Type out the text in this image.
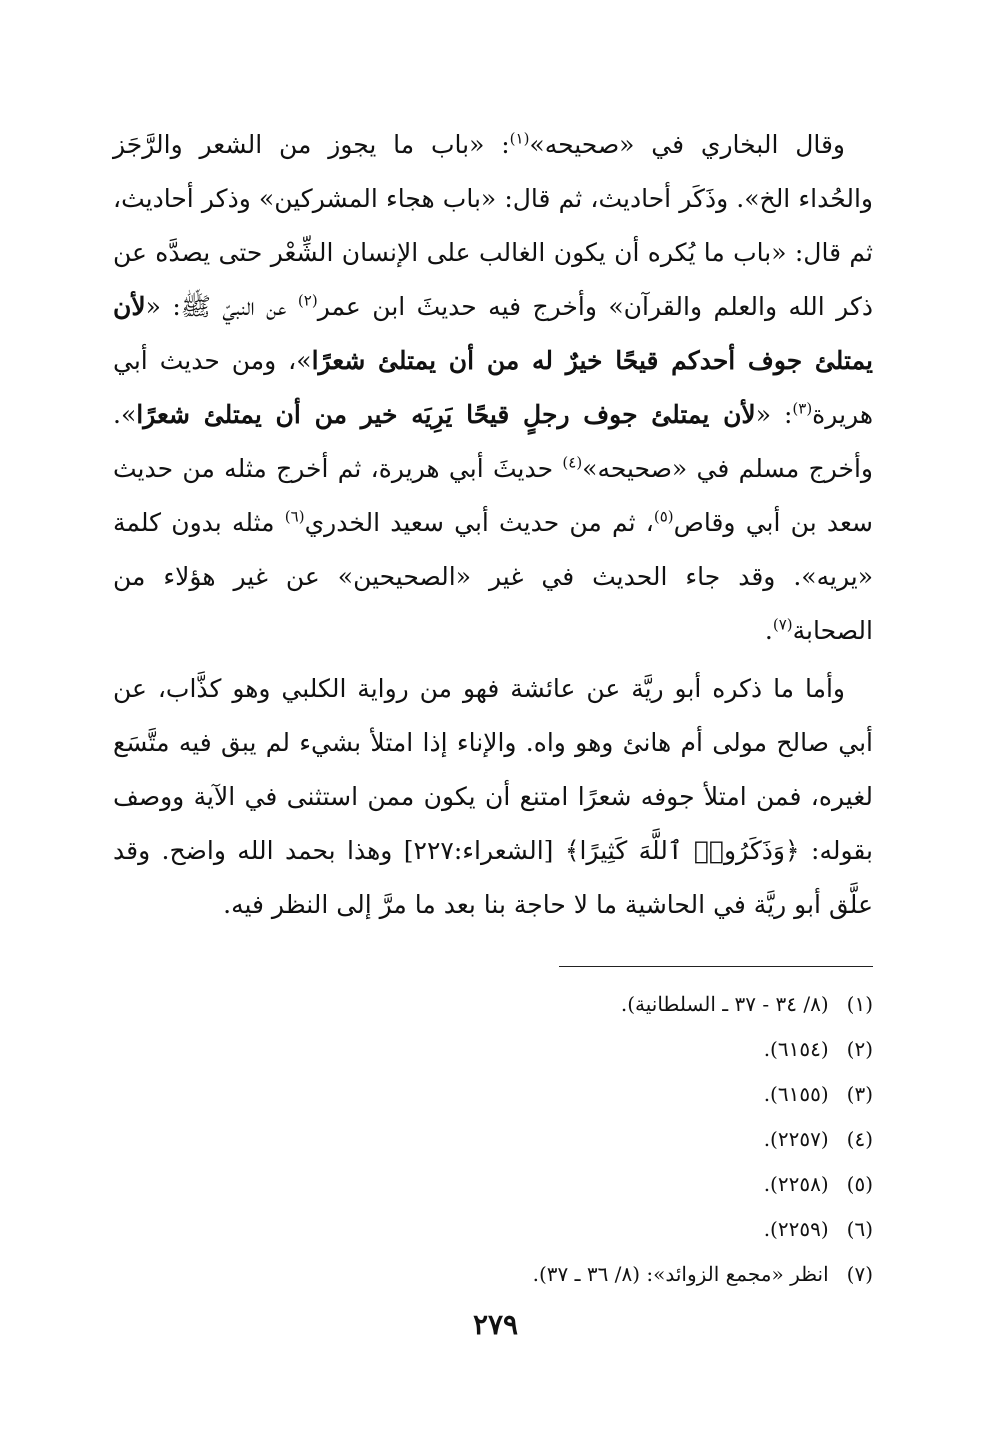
وقال البخاري في «صحيحه»$^{(١)}$: «باب ما يجوز من الشعر والرَّجَز والحُداء الخ». وذَكَر أحاديث، ثم قال: «باب هجاء المشركين» وذكر أحاديث، ثم قال: «باب ما يُكره أن يكون الغالب على الإنسان الشِّعْر حتى يصدَّه عن ذكر الله والعلم والقرآن» وأخرج فيه حديثَ ابن عمر$^{(٢)}$ عن النبيّ ﷺ: «لأن يمتلئ جوف أحدكم قيحًا خيرٌ له من أن يمتلئ شعرًا»، ومن حديث أبي هريرة$^{(٣)}$: «لأن يمتلئ جوف رجلٍ قيحًا يَرِيَه خير من أن يمتلئ شعرًا». وأخرج مسلم في «صحيحه»$^{(٤)}$ حديثَ أبي هريرة، ثم أخرج مثله من حديث سعد بن أبي وقاص$^{(٥)}$، ثم من حديث أبي سعيد الخدري$^{(٦)}$ مثله بدون كلمة «يريه». وقد جاء الحديث في غير «الصحيحين» عن غير هؤلاء من الصحابة$^{(٧)}$.

وأما ما ذكره أبو ريَّة عن عائشة فهو من رواية الكلبي وهو كذَّاب، عن أبي صالح مولى أم هانئ وهو واه. والإناء إذا امتلأ بشيء لم يبق فيه متَّسَع لغيره، فمن امتلأ جوفه شعرًا امتنع أن يكون ممن استثنى في الآية ووصف بقوله: ﴿وَذَكَرُوا۟ ٱللَّهَ كَثِيرًا﴾ [الشعراء:٢٢٧] وهذا بحمد الله واضح. وقد علَّق أبو ريَّة في الحاشية ما لا حاجة بنا بعد ما مرَّ إلى النظر فيه.

(١) (٨/ ٣٤ - ٣٧ ـ السلطانية).
(٢) (٦١٥٤).
(٣) (٦١٥٥).
(٤) (٢٢٥٧).
(٥) (٢٢٥٨).
(٦) (٢٢٥٩).
(٧) انظر «مجمع الزوائد»: (٨/ ٣٦ ـ ٣٧).
٢٧٩
